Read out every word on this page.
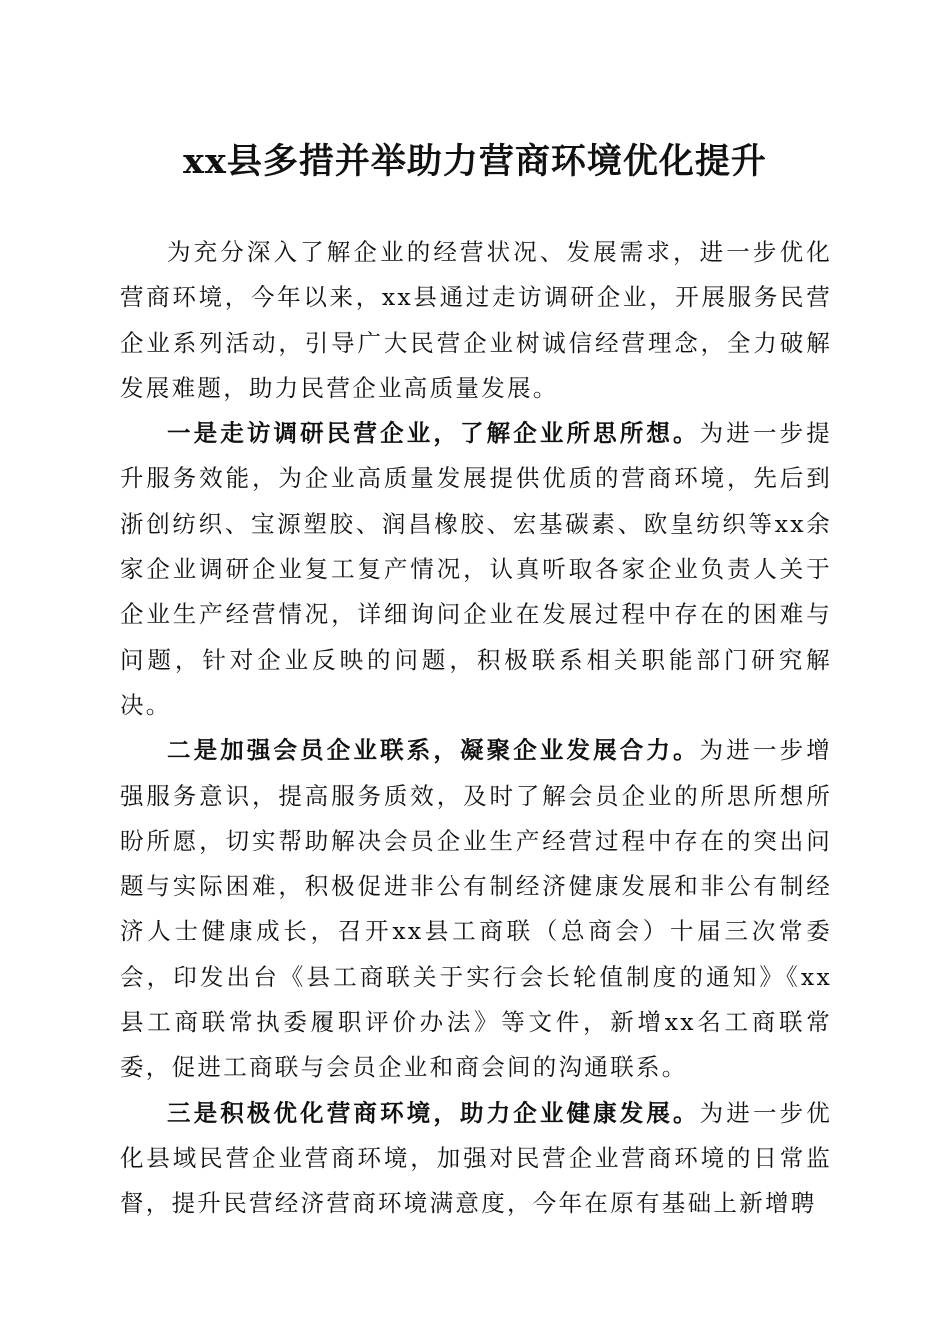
xx县多措并举助力营商环境优化提升

为充分深入了解企业的经营状况、发展需求，进一步优化营商环境，今年以来，xx县通过走访调研企业，开展服务民营企业系列活动，引导广大民营企业树诚信经营理念，全力破解发展难题，助力民营企业高质量发展。

一是走访调研民营企业，了解企业所思所想。为进一步提升服务效能，为企业高质量发展提供优质的营商环境，先后到浙创纺织、宝源塑胶、润昌橡胶、宏基碳素、欧皇纺织等xx余家企业调研企业复工复产情况，认真听取各家企业负责人关于企业生产经营情况，详细询问企业在发展过程中存在的困难与问题，针对企业反映的问题，积极联系相关职能部门研究解决。

二是加强会员企业联系，凝聚企业发展合力。为进一步增强服务意识，提高服务质效，及时了解会员企业的所思所想所盼所愿，切实帮助解决会员企业生产经营过程中存在的突出问题与实际困难，积极促进非公有制经济健康发展和非公有制经济人士健康成长，召开xx县工商联（总商会）十届三次常委会，印发出台《县工商联关于实行会长轮值制度的通知》《xx县工商联常执委履职评价办法》等文件，新增xx名工商联常委，促进工商联与会员企业和商会间的沟通联系。

三是积极优化营商环境，助力企业健康发展。为进一步优化县域民营企业营商环境，加强对民营企业营商环境的日常监督，提升民营经济营商环境满意度，今年在原有基础上新增聘
